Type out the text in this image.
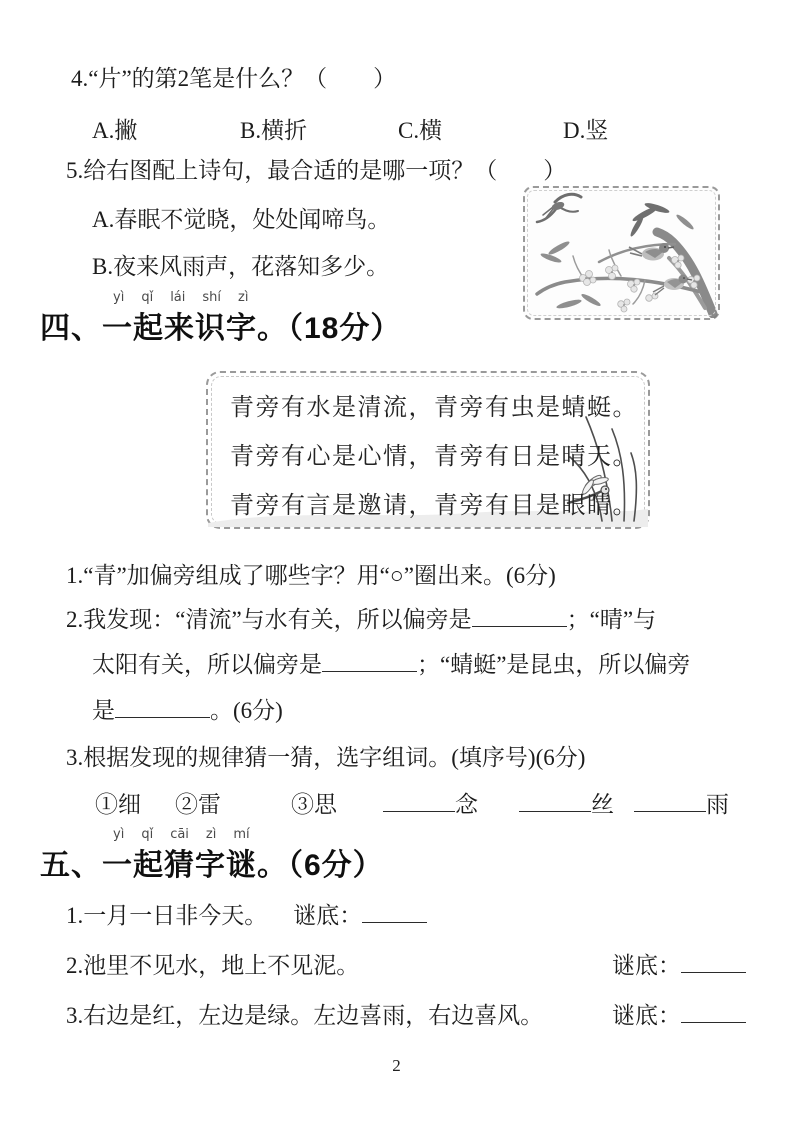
4.“片”的第2笔是什么？（　　）
A.撇	B.横折	C.横	D.竖
5.给右图配上诗句，最合适的是哪一项？（　　）
A.春眠不觉晓，处处闻啼鸟。
B.夜来风雨声，花落知多少。
yì qǐ lái shí zì
四、一起来识字。（18分）
青旁有水是清流，青旁有虫是蜻蜓。
青旁有心是心情，青旁有日是晴天。
青旁有言是邀请，青旁有目是眼睛。
1.“青”加偏旁组成了哪些字？用“○”圈出来。(6分)
2.我发现：“清流”与水有关，所以偏旁是	；“晴”与
太阳有关，所以偏旁是	；“蜻蜓”是昆虫，所以偏旁
是	。(6分)
3.根据发现的规律猜一猜，选字组词。(填序号)(6分)
①细 ②雷	③思	念	丝	雨
yì qǐ cāi zì mí
五、一起猜字谜。（6分）
1.一月一日非今天。 谜底：
2.池里不见水，地上不见泥。	谜底：
3.右边是红，左边是绿。左边喜雨，右边喜风。	谜底：
2
